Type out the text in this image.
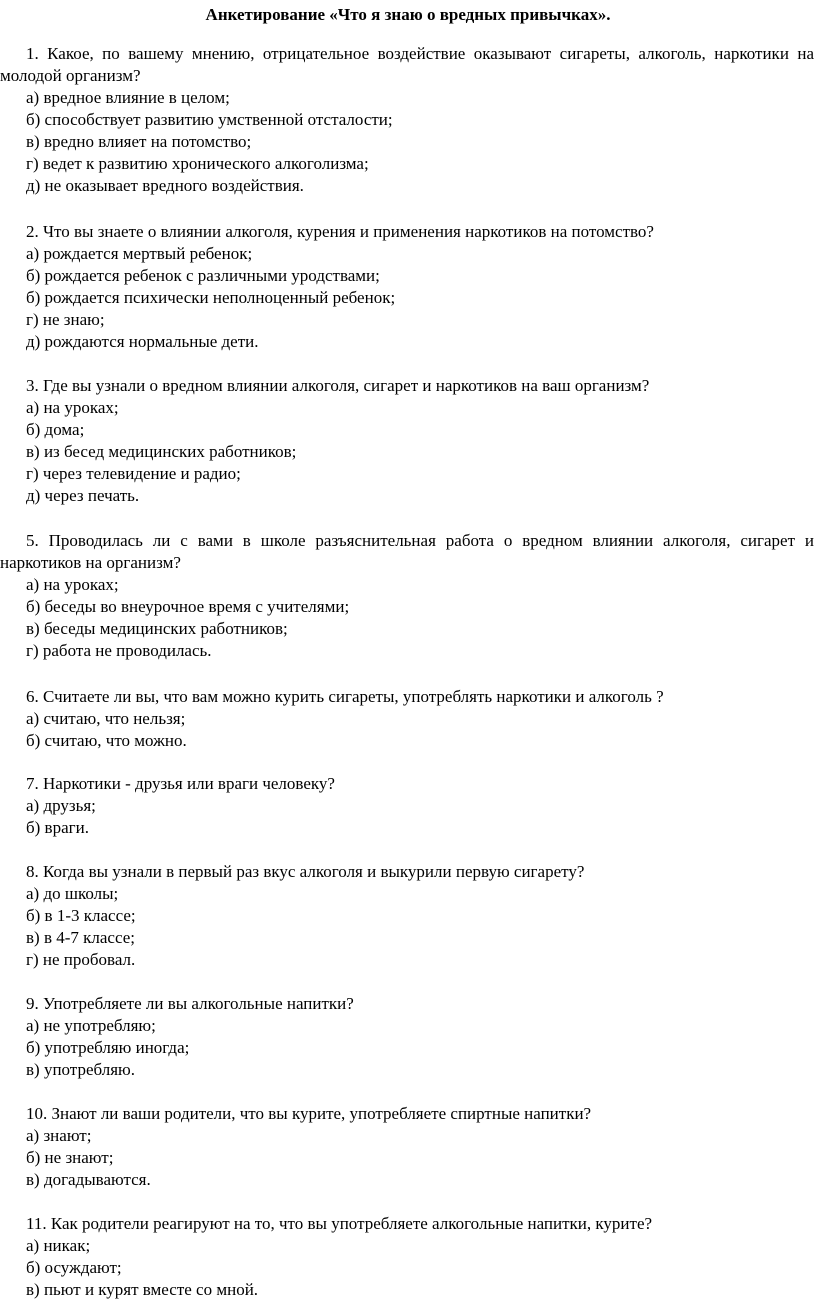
Анкетирование «Что я знаю о вредных привычках».

1. Какое, по вашему мнению, отрицательное воздействие оказывают сигареты, алкоголь, наркотики на молодой организм?

а) вредное влияние в целом;
б) способствует развитию умственной отсталости;
в) вредно влияет на потомство;
г) ведет к развитию хронического алкоголизма;
д) не оказывает вредного воздействия.

2. Что вы знаете о влиянии алкоголя, курения и применения наркотиков на потомство?

а) рождается мертвый ребенок;
б) рождается ребенок с различными уродствами;
б) рождается психически неполноценный ребенок;
г) не знаю;
д) рождаются нормальные дети.

3. Где вы узнали о вредном влиянии алкоголя, сигарет и наркотиков на ваш организм?

а) на уроках;
б) дома;
в) из бесед медицинских работников;
г) через телевидение и радио;
д) через печать.

5. Проводилась ли с вами в школе разъяснительная работа о вредном влиянии алкоголя, сигарет и наркотиков на организм?

а) на уроках;
б) беседы во внеурочное время с учителями;
в) беседы медицинских работников;
г) работа не проводилась.

6. Считаете ли вы, что вам можно курить сигареты, употреблять наркотики и алкоголь ?

а) считаю, что нельзя;
б) считаю, что можно.

7. Наркотики - друзья или враги человеку?

а) друзья;
б) враги.

8. Когда вы узнали в первый раз вкус алкоголя и выкурили первую сигарету?

а) до школы;
б) в 1-3 классе;
в) в 4-7 классе;
г) не пробовал.

9. Употребляете ли вы алкогольные напитки?

а) не употребляю;
б) употребляю иногда;
в) употребляю.

10. Знают ли ваши родители, что вы курите, употребляете спиртные напитки?

а) знают;
б) не знают;
в) догадываются.

11. Как родители реагируют на то, что вы употребляете алкогольные напитки, курите?

а) никак;
б) осуждают;
в) пьют и курят вместе со мной.
